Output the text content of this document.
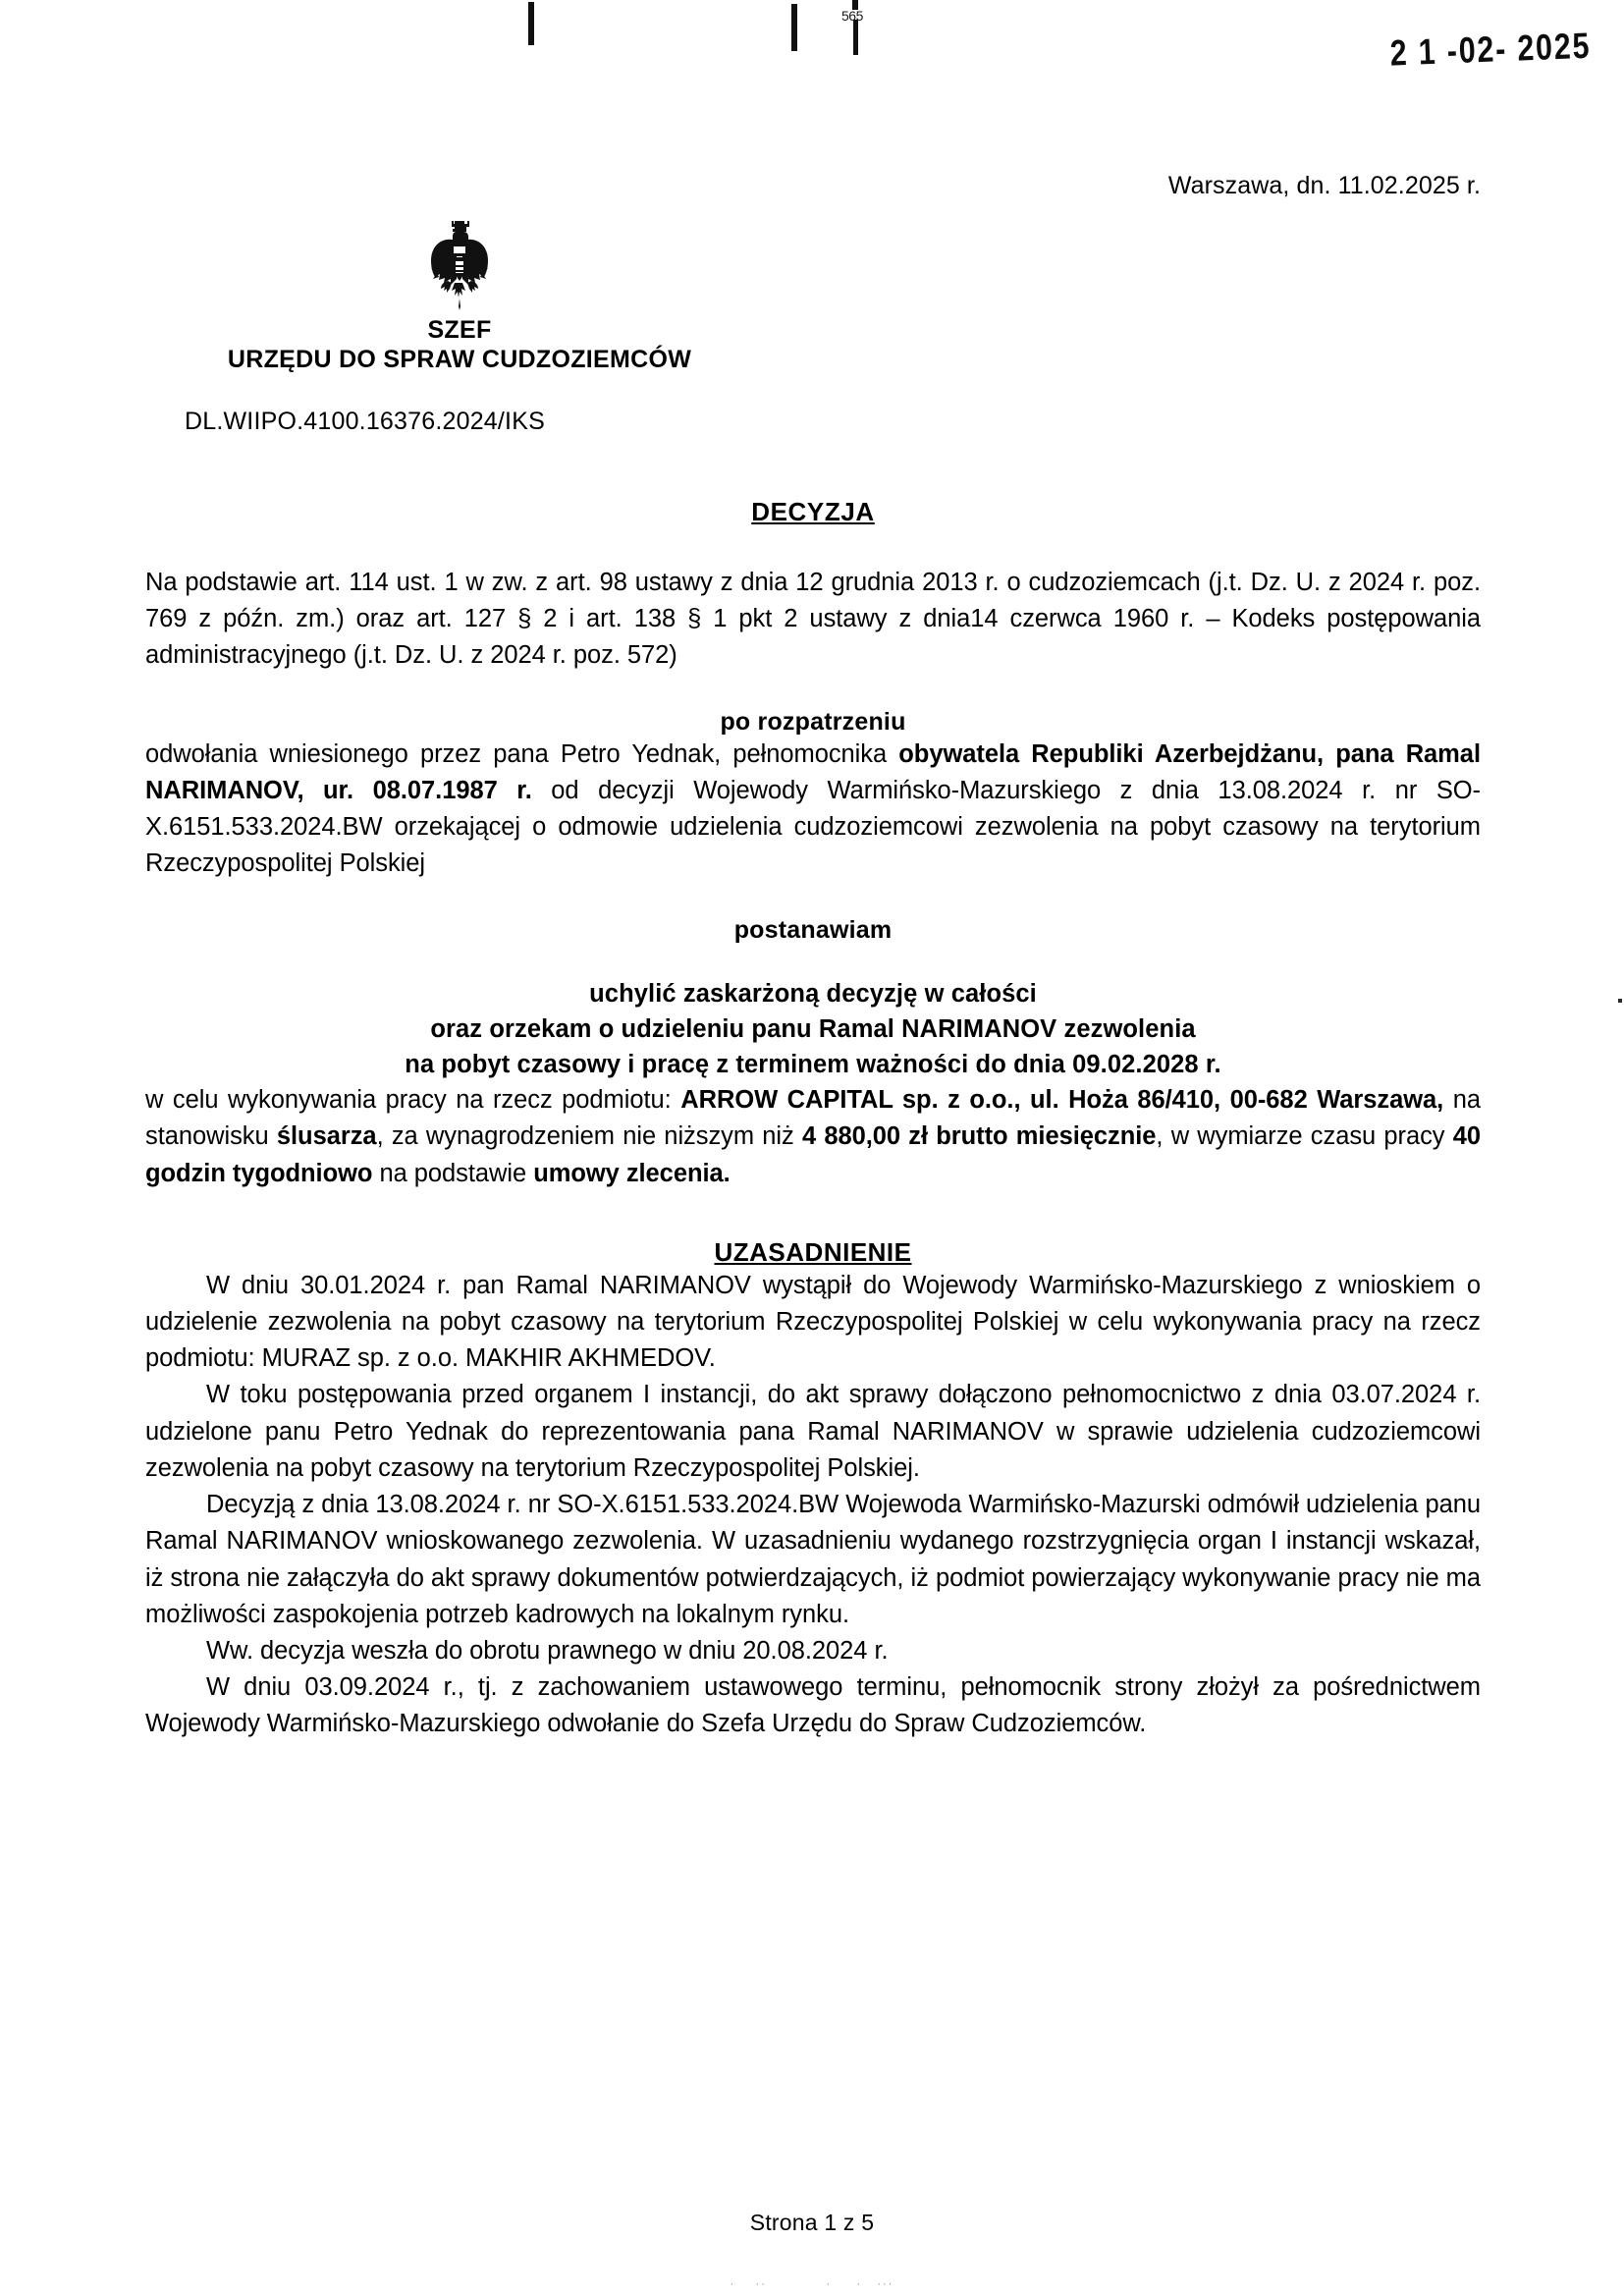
565
2 1 -02- 2025
Warszawa, dn. 11.02.2025 r.
SZEF
URZĘDU DO SPRAW CUDZOZIEMCÓW
DL.WIIPO.4100.16376.2024/IKS
DECYZJA

Na podstawie art. 114 ust. 1 w zw. z art. 98 ustawy z dnia 12 grudnia 2013 r. o cudzoziemcach (j.t. Dz. U. z 2024 r. poz. 769 z późn. zm.) oraz art. 127 § 2 i art. 138 § 1 pkt 2 ustawy z dnia14 czerwca 1960 r. – Kodeks postępowania administracyjnego (j.t. Dz. U. z 2024 r. poz. 572)

po rozpatrzeniu

odwołania wniesionego przez pana Petro Yednak, pełnomocnika obywatela Republiki Azerbejdżanu, pana Ramal NARIMANOV, ur. 08.07.1987 r. od decyzji Wojewody Warmińsko-Mazurskiego z dnia 13.08.2024 r. nr SO-X.6151.533.2024.BW orzekającej o odmowie udzielenia cudzoziemcowi zezwolenia na pobyt czasowy na terytorium Rzeczypospolitej Polskiej

postanawiam
uchylić zaskarżoną decyzję w całości
oraz orzekam o udzieleniu panu Ramal NARIMANOV zezwolenia
na pobyt czasowy i pracę z terminem ważności do dnia 09.02.2028 r.

w celu wykonywania pracy na rzecz podmiotu: ARROW CAPITAL sp. z o.o., ul. Hoża 86/410, 00-682 Warszawa, na stanowisku ślusarza, za wynagrodzeniem nie niższym niż 4 880,00 zł brutto miesięcznie, w wymiarze czasu pracy 40 godzin tygodniowo na podstawie umowy zlecenia.

UZASADNIENIE

W dniu 30.01.2024 r. pan Ramal NARIMANOV wystąpił do Wojewody Warmińsko-Mazurskiego z wnioskiem o udzielenie zezwolenia na pobyt czasowy na terytorium Rzeczypospolitej Polskiej w celu wykonywania pracy na rzecz podmiotu: MURAZ sp. z o.o. MAKHIR AKHMEDOV.

W toku postępowania przed organem I instancji, do akt sprawy dołączono pełnomocnictwo z dnia 03.07.2024 r. udzielone panu Petro Yednak do reprezentowania pana Ramal NARIMANOV w sprawie udzielenia cudzoziemcowi zezwolenia na pobyt czasowy na terytorium Rzeczypospolitej Polskiej.

Decyzją z dnia 13.08.2024 r. nr SO-X.6151.533.2024.BW Wojewoda Warmińsko-Mazurski odmówił udzielenia panu Ramal NARIMANOV wnioskowanego zezwolenia. W uzasadnieniu wydanego rozstrzygnięcia organ I instancji wskazał, iż strona nie załączyła do akt sprawy dokumentów potwierdzających, iż podmiot powierzający wykonywanie pracy nie ma możliwości zaspokojenia potrzeb kadrowych na lokalnym rynku.

Ww. decyzja weszła do obrotu prawnego w dniu 20.08.2024 r.

W dniu 03.09.2024 r., tj. z zachowaniem ustawowego terminu, pełnomocnik strony złożył za pośrednictwem Wojewody Warmińsko-Mazurskiego odwołanie do Szefa Urzędu do Spraw Cudzoziemców.

Strona 1 z 5
·    ··            ·     ·   ···
